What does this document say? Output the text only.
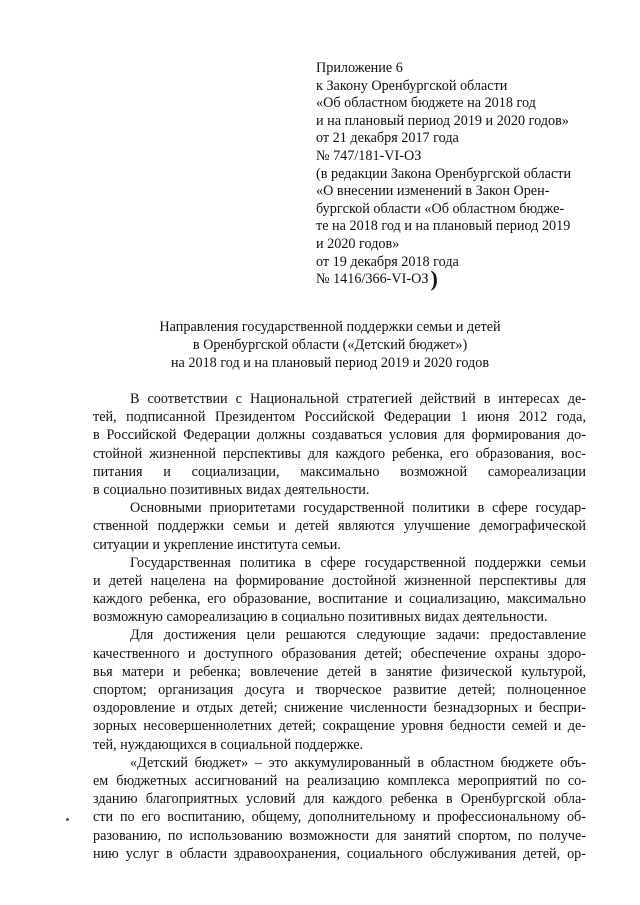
Приложение 6
к Закону Оренбургской области
«Об областном бюджете на 2018 год
и на плановый период 2019 и 2020 годов»
от 21 декабря 2017 года
№ 747/181-VI-ОЗ
(в редакции Закона Оренбургской области
«О внесении изменений в Закон Орен-
бургской области «Об областном бюдже-
те на 2018 год и на плановый период 2019
и 2020 годов»
от 19 декабря 2018 года
№ 1416/366-VI-ОЗ)
Направления государственной поддержки семьи и детей
в Оренбургской области («Детский бюджет»)
на 2018 год и на плановый период 2019 и 2020 годов
В соответствии с Национальной стратегией действий в интересах де-
тей, подписанной Президентом Российской Федерации 1 июня 2012 года,
в Российской Федерации должны создаваться условия для формирования до-
стойной жизненной перспективы для каждого ребенка, его образования, вос-
питания и социализации, максимально возможной самореализации
в социально позитивных видах деятельности.
Основными приоритетами государственной политики в сфере государ-
ственной поддержки семьи и детей являются улучшение демографической
ситуации и укрепление института семьи.
Государственная политика в сфере государственной поддержки семьи
и детей нацелена на формирование достойной жизненной перспективы для
каждого ребенка, его образование, воспитание и социализацию, максимально
возможную самореализацию в социально позитивных видах деятельности.
Для достижения цели решаются следующие задачи: предоставление
качественного и доступного образования детей; обеспечение охраны здоро-
вья матери и ребенка; вовлечение детей в занятие физической культурой,
спортом; организация досуга и творческое развитие детей; полноценное
оздоровление и отдых детей; снижение численности безнадзорных и беспри-
зорных несовершеннолетних детей; сокращение уровня бедности семей и де-
тей, нуждающихся в социальной поддержке.
«Детский бюджет» – это аккумулированный в областном бюджете объ-
ем бюджетных ассигнований на реализацию комплекса мероприятий по со-
зданию благоприятных условий для каждого ребенка в Оренбургской обла-
сти по его воспитанию, общему, дополнительному и профессиональному об-
разованию, по использованию возможности для занятий спортом, по получе-
нию услуг в области здравоохранения, социального обслуживания детей, ор-
